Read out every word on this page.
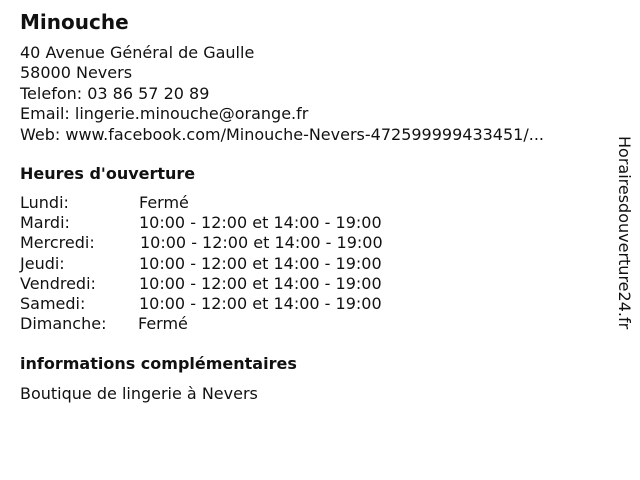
Minouche
40 Avenue Général de Gaulle
58000 Nevers
Telefon: 03 86 57 20 89
Email: lingerie.minouche@orange.fr
Web: www.facebook.com/Minouche-Nevers-472599999433451/...
Heures d'ouverture
Lundi:	Fermé
Mardi:	10:00 - 12:00 et 14:00 - 19:00
Mercredi:	10:00 - 12:00 et 14:00 - 19:00
Jeudi:	10:00 - 12:00 et 14:00 - 19:00
Vendredi:	10:00 - 12:00 et 14:00 - 19:00
Samedi:	10:00 - 12:00 et 14:00 - 19:00
Dimanche: Fermé
informations complémentaires
Boutique de lingerie à Nevers
Horairesdouverture24.fr
